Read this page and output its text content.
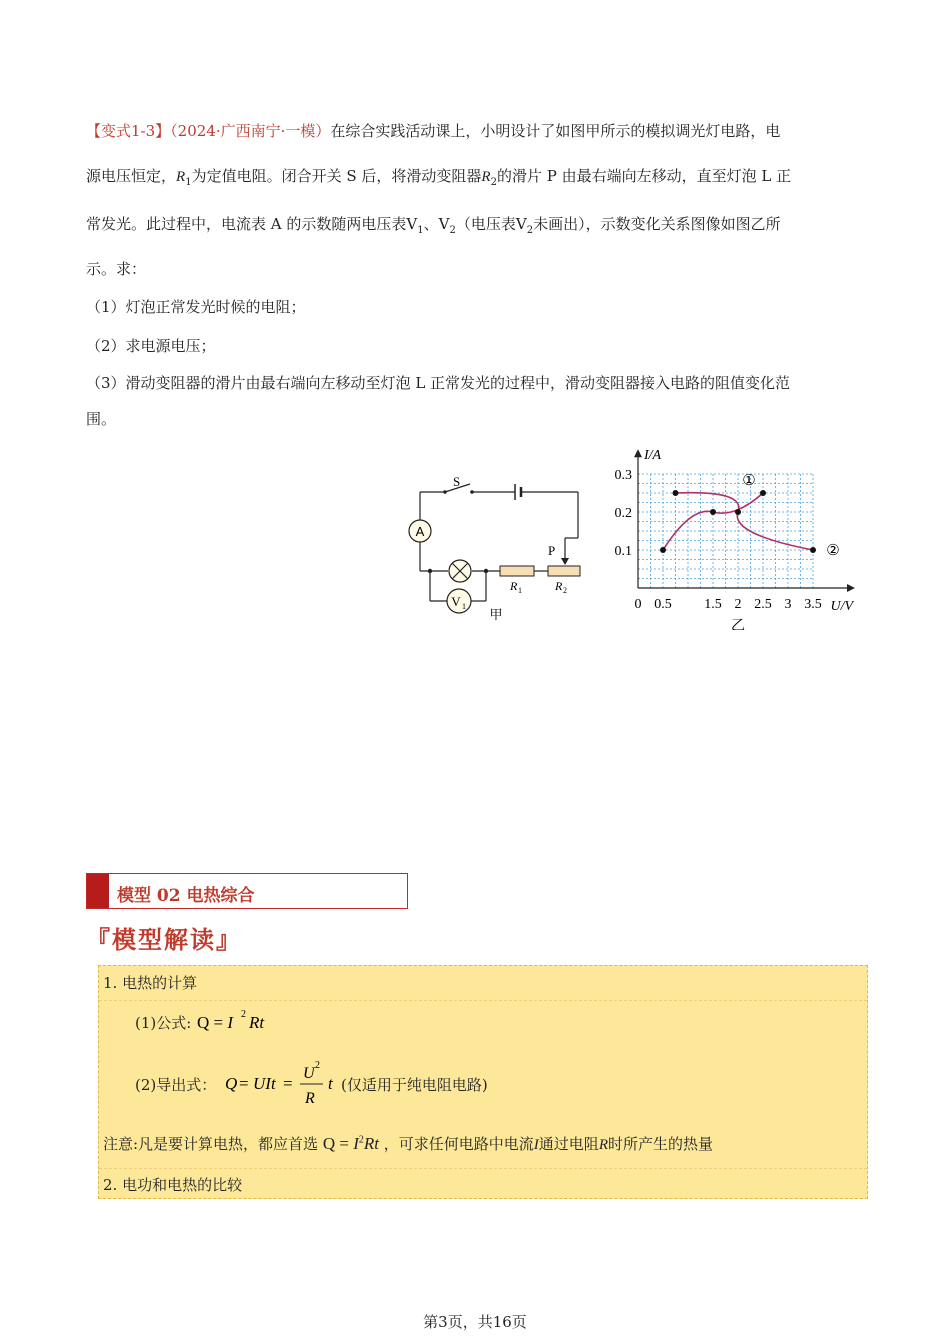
【变式1-3】（2024·广西南宁·一模）在综合实践活动课上，小明设计了如图甲所示的模拟调光灯电路，电
源电压恒定，$R_1$为定值电阻。闭合开关 S 后，将滑动变阻器$R_2$的滑片 P 由最右端向左移动，直至灯泡 L 正
常发光。此过程中，电流表 A 的示数随两电压表$V_1$、$V_2$（电压表$V_2$未画出），示数变化关系图像如图乙所
示。求：
（1）灯泡正常发光时候的电阻；
（2）求电源电压；
（3）滑动变阻器的滑片由最右端向左移动至灯泡 L 正常发光的过程中，滑动变阻器接入电路的阻值变化范
围。
A
V 1
S
P
R 1	R 2
甲
I/A
U/V
0 0.5 1.5 2 2.5 3 3.5
0.1
0.2
0.3	①
②
乙
模型 02 电热综合
『模型解读』
1. 电热的计算
(1)公式: Q = I 2 Rt
(2)导出式： Q = UIt =
U 2
R
t (仅适用于纯电阻电路)
注意:凡是要计算电热，都应首选 $Q = I^2Rt$ ，可求任何电路中电流I通过电阻R时所产生的热量
2. 电功和电热的比较
第3页，共16页
